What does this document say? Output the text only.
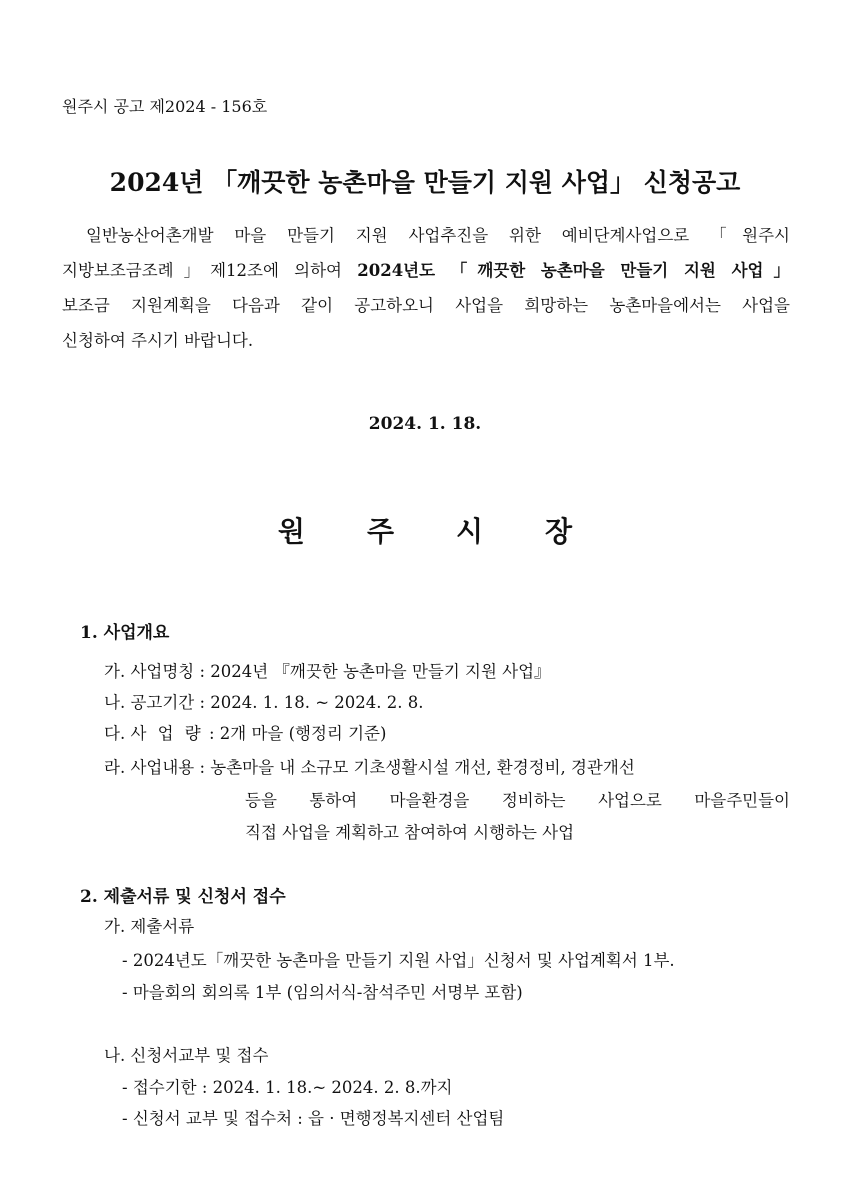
원주시 공고 제2024 - 156호
2024년 「깨끗한 농촌마을 만들기 지원 사업」 신청공고
일반농산어촌개발 마을 만들기 지원 사업추진을 위한 예비단계사업으로 「원주시
지방보조금조례」제12조에 의하여 2024년도 「깨끗한 농촌마을 만들기 지원 사업」
보조금 지원계획을 다음과 같이 공고하오니 사업을 희망하는 농촌마을에서는 사업을
신청하여 주시기 바랍니다.
2024. 1. 18.
원주시장
1. 사업개요
가. 사업명칭 : 2024년 『깨끗한 농촌마을 만들기 지원 사업』
나. 공고기간 : 2024. 1. 18. ~ 2024. 2. 8.
다. 사 업 량 : 2개 마을 (행정리 기준)
라. 사업내용 : 농촌마을 내 소규모 기초생활시설 개선, 환경정비, 경관개선
등을 통하여 마을환경을 정비하는 사업으로 마을주민들이
직접 사업을 계획하고 참여하여 시행하는 사업
2. 제출서류 및 신청서 접수
가. 제출서류
- 2024년도「깨끗한 농촌마을 만들기 지원 사업」신청서 및 사업계획서 1부.
- 마을회의 회의록 1부 (임의서식-참석주민 서명부 포함)
나. 신청서교부 및 접수
- 접수기한 : 2024. 1. 18.~ 2024. 2. 8.까지
- 신청서 교부 및 접수처 : 읍 · 면행정복지센터 산업팀
